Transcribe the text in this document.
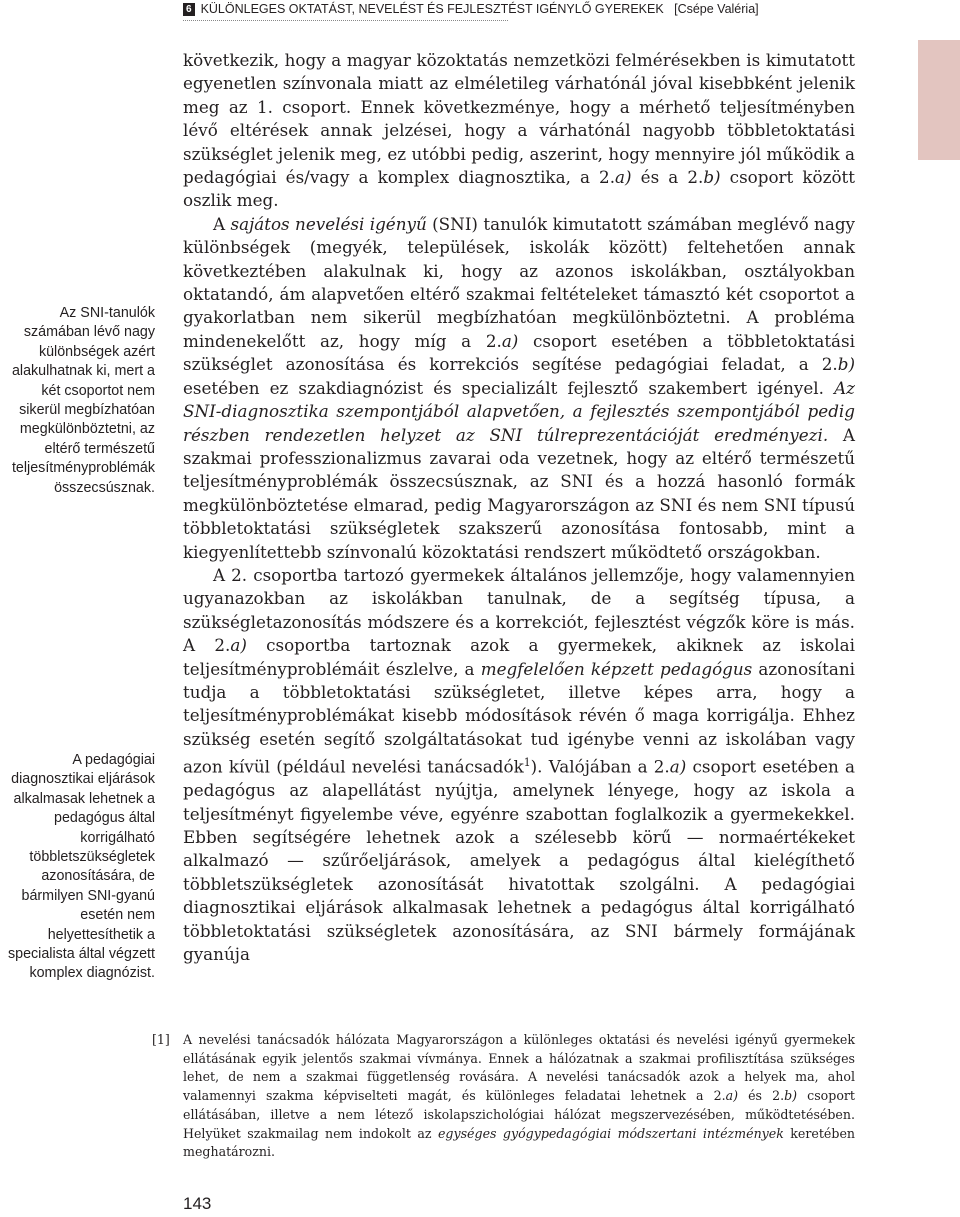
6 KÜLÖNLEGES OKTATÁST, NEVELÉST ÉS FEJLESZTÉST IGÉNYLŐ GYEREKEK [Csépe Valéria]
Az SNI-tanulók számában lévő nagy különbségek azért alakulhatnak ki, mert a két csoportot nem sikerül megbízhatóan megkülönböztetni, az eltérő természetű teljesítményproblémák összecsúsznak.
A pedagógiai diagnosztikai eljárások alkalmasak lehetnek a pedagógus által korrigálható többletszükségletek azonosítására, de bármilyen SNI-gyanú esetén nem helyettesíthetik a specialista által végzett komplex diagnózist.

következik, hogy a magyar közoktatás nemzetközi felmérésekben is kimutatott egyenetlen színvonala miatt az elméletileg várhatónál jóval kisebbként jelenik meg az 1. csoport. Ennek következménye, hogy a mérhető teljesítményben lévő eltérések annak jelzései, hogy a várhatónál nagyobb többletoktatási szükséglet jelenik meg, ez utóbbi pedig, aszerint, hogy mennyire jól működik a pedagógiai és/vagy a komplex diagnosztika, a 2.a) és a 2.b) csoport között oszlik meg.

A sajátos nevelési igényű (SNI) tanulók kimutatott számában meglévő nagy különbségek (megyék, települések, iskolák között) feltehetően annak következtében alakulnak ki, hogy az azonos iskolákban, osztályokban oktatandó, ám alapvetően eltérő szakmai feltételeket támasztó két csoportot a gyakorlatban nem sikerül megbízhatóan megkülönböztetni. A probléma mindenekelőtt az, hogy míg a 2.a) csoport esetében a többletoktatási szükséglet azonosítása és korrekciós segítése pedagógiai feladat, a 2.b) esetében ez szakdiagnózist és specializált fejlesztő szakembert igényel. Az SNI-diagnosztika szempontjából alapvetően, a fejlesztés szempontjából pedig részben rendezetlen helyzet az SNI túlreprezentációját eredményezi. A szakmai professzionalizmus zavarai oda vezetnek, hogy az eltérő természetű teljesítményproblémák összecsúsznak, az SNI és a hozzá hasonló formák megkülönböztetése elmarad, pedig Magyarországon az SNI és nem SNI típusú többletoktatási szükségletek szakszerű azonosítása fontosabb, mint a kiegyenlítettebb színvonalú közoktatási rendszert működtető országokban.

A 2. csoportba tartozó gyermekek általános jellemzője, hogy valamennyien ugyanazokban az iskolákban tanulnak, de a segítség típusa, a szükségletazonosítás módszere és a korrekciót, fejlesztést végzők köre is más. A 2.a) csoportba tartoznak azok a gyermekek, akiknek az iskolai teljesítményproblémáit észlelve, a megfelelően képzett pedagógus azonosítani tudja a többletoktatási szükségletet, illetve képes arra, hogy a teljesítményproblémákat kisebb módosítások révén ő maga korrigálja. Ehhez szükség esetén segítő szolgáltatásokat tud igénybe venni az iskolában vagy azon kívül (például nevelési tanácsadók$^1$). Valójában a 2.a) csoport esetében a pedagógus az alapellátást nyújtja, amelynek lényege, hogy az iskola a teljesítményt figyelembe véve, egyénre szabottan foglalkozik a gyermekekkel. Ebben segítségére lehetnek azok a szélesebb körű — normaértékeket alkalmazó — szűrőeljárások, amelyek a pedagógus által kielégíthető többletszükségletek azonosítását hivatottak szolgálni. A pedagógiai diagnosztikai eljárások alkalmasak lehetnek a pedagógus által korrigálható többletoktatási szükségletek azonosítására, az SNI bármely formájának gyanúja

[1]	A nevelési tanácsadók hálózata Magyarországon a különleges oktatási és nevelési igényű gyermekek ellátásának egyik jelentős szakmai vívmánya. Ennek a hálózatnak a szakmai profilisztítása szükséges lehet, de nem a szakmai függetlenség rovására. A nevelési tanácsadók azok a helyek ma, ahol valamennyi szakma képviselteti magát, és különleges feladatai lehetnek a 2.a) és 2.b) csoport ellátásában, illetve a nem létező iskolapszichológiai hálózat megszervezésében, működtetésében. Helyüket szakmailag nem indokolt az egységes gyógypedagógiai módszertani intézmények keretében meghatározni.
143
